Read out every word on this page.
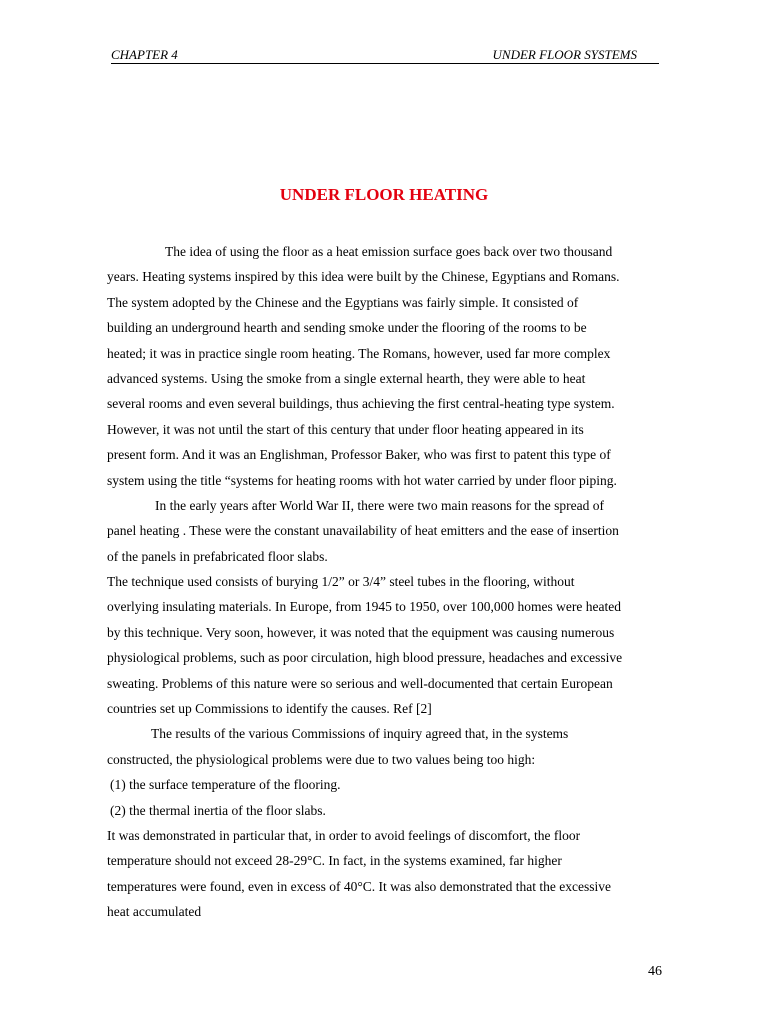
CHAPTER 4	UNDER FLOOR SYSTEMS
UNDER FLOOR HEATING
The idea of using the floor as a heat emission surface goes back over two thousand
years. Heating systems inspired by this idea were built by the Chinese, Egyptians and Romans.
The system adopted by the Chinese and the Egyptians was fairly simple. It consisted of
building an underground hearth and sending smoke under the flooring of the rooms to be
heated; it was in practice single room heating. The Romans, however, used far more complex
advanced systems. Using the smoke from a single external hearth, they were able to heat
several rooms and even several buildings, thus achieving the first central-heating type system.
However, it was not until the start of this century that under floor heating appeared in its
present form. And it was an Englishman, Professor Baker, who was first to patent this type of
system using the title “systems for heating rooms with hot water carried by under floor piping.
In the early years after World War II, there were two main reasons for the spread of
panel heating . These were the constant unavailability of heat emitters and the ease of insertion
of the panels in prefabricated floor slabs.
The technique used consists of burying 1/2” or 3/4” steel tubes in the flooring, without
overlying insulating materials. In Europe, from 1945 to 1950, over 100,000 homes were heated
by this technique. Very soon, however, it was noted that the equipment was causing numerous
physiological problems, such as poor circulation, high blood pressure, headaches and excessive
sweating. Problems of this nature were so serious and well-documented that certain European
countries set up Commissions to identify the causes. Ref [2]
The results of the various Commissions of inquiry agreed that, in the systems
constructed, the physiological problems were due to two values being too high:
(1) the surface temperature of the flooring.
(2) the thermal inertia of the floor slabs.
It was demonstrated in particular that, in order to avoid feelings of discomfort, the floor
temperature should not exceed 28-29°C. In fact, in the systems examined, far higher
temperatures were found, even in excess of 40°C. It was also demonstrated that the excessive
heat accumulated
46
